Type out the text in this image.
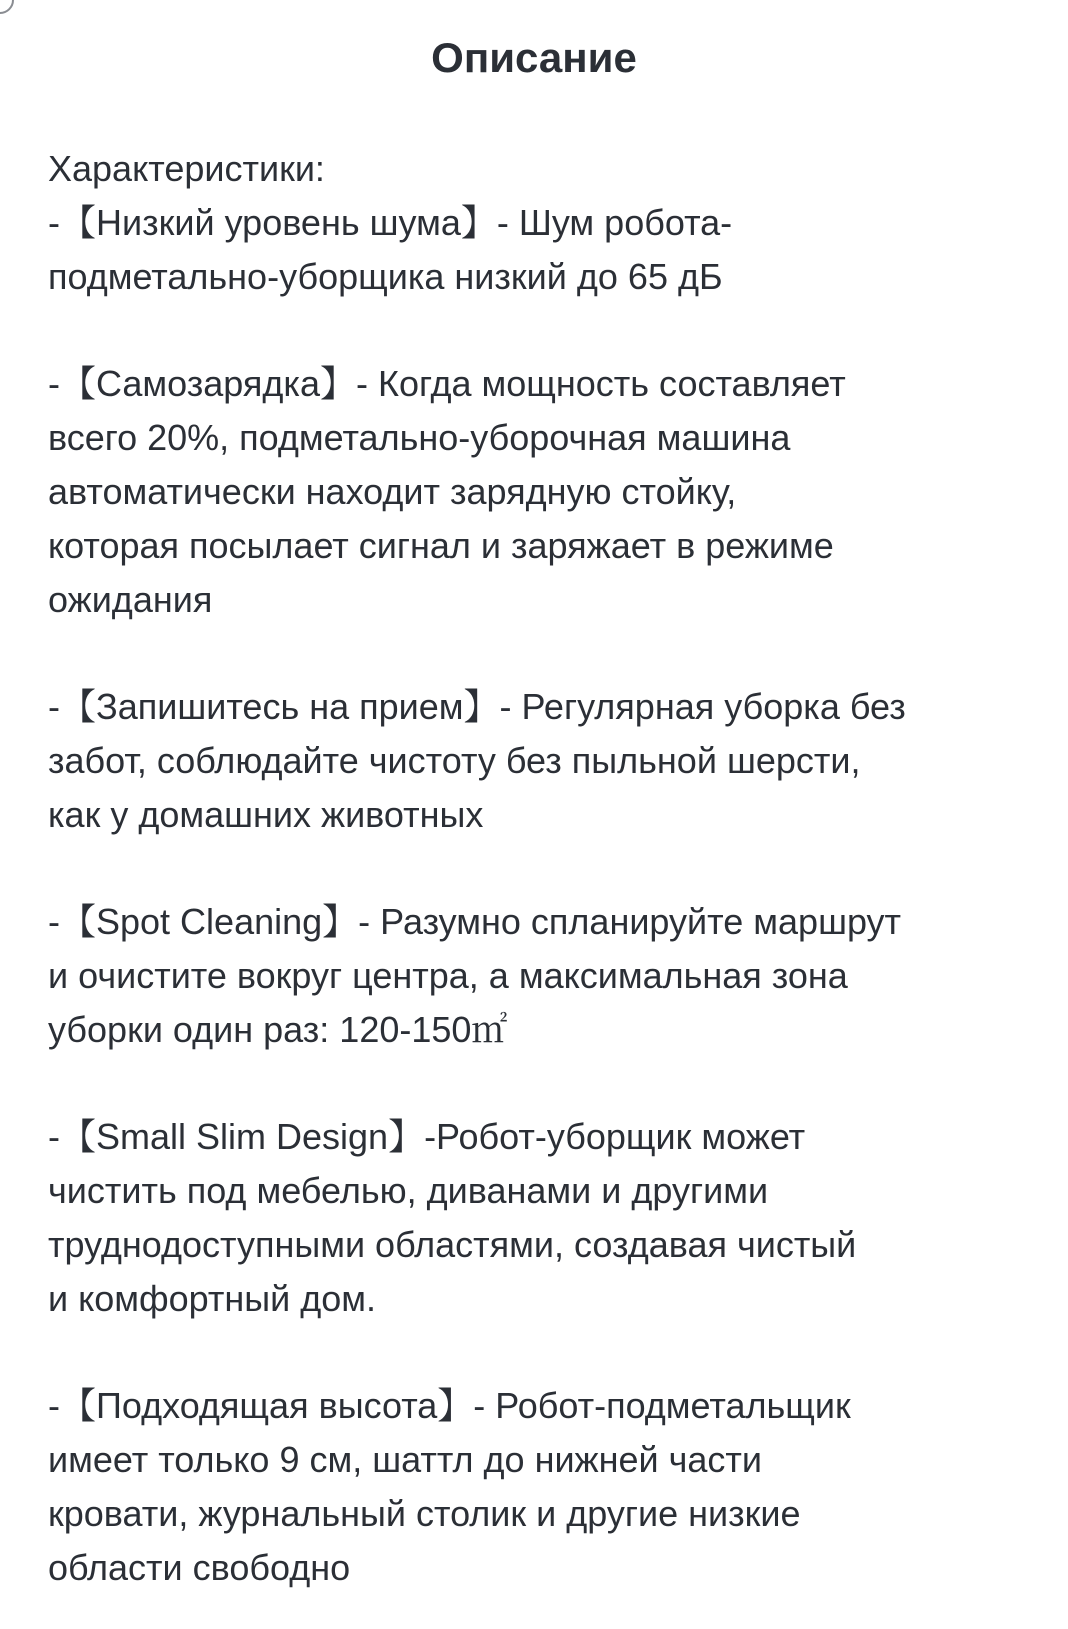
Описание
Характеристики:
-【Низкий уровень шума】- Шум робота-
подметально-уборщика низкий до 65 дБ
-【Самозарядка】- Когда мощность составляет
всего 20%, подметально-уборочная машина
автоматически находит зарядную стойку,
которая посылает сигнал и заряжает в режиме
ожидания
-【Запишитесь на прием】- Регулярная уборка без
забот, соблюдайте чистоту без пыльной шерсти,
как у домашних животных
-【Spot Cleaning】- Разумно спланируйте маршрут
и очистите вокруг центра, а максимальная зона
уборки один раз: 120-150㎡
-【Small Slim Design】-Робот-уборщик может
чистить под мебелью, диванами и другими
труднодоступными областями, создавая чистый
и комфортный дом.
-【Подходящая высота】- Робот-подметальщик
имеет только 9 см, шаттл до нижней части
кровати, журнальный столик и другие низкие
области свободно
